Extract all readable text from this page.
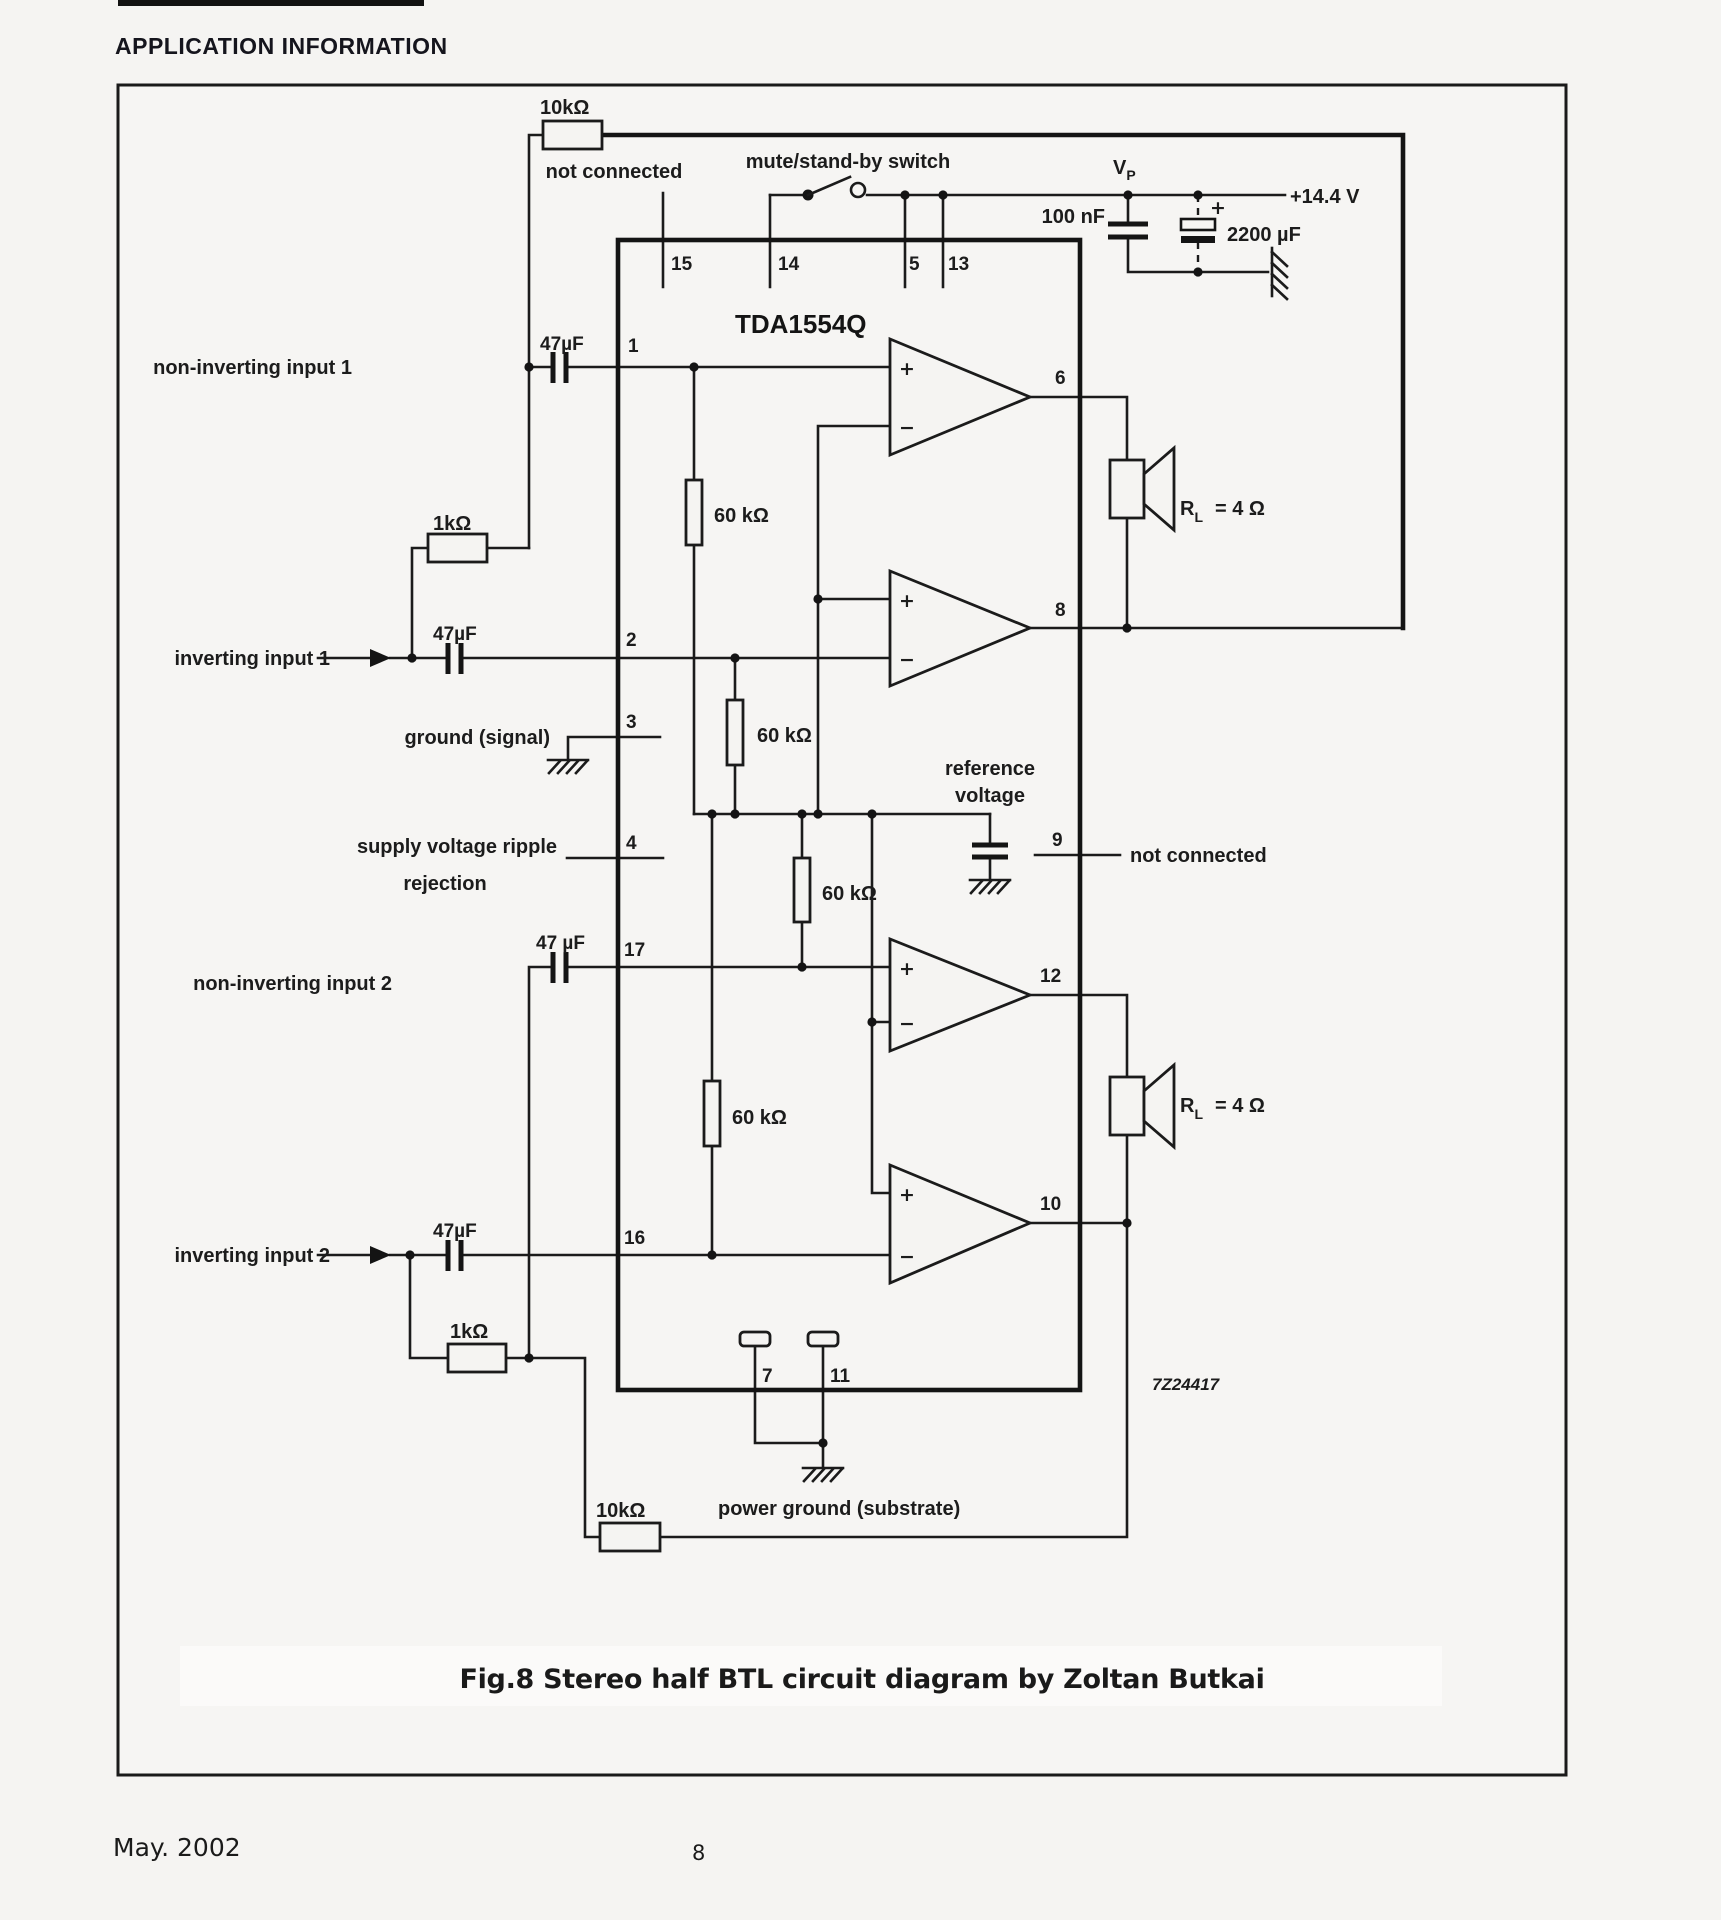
APPLICATION INFORMATION
TDA1554Q
+
−
+
−
+
−
+
−
10kΩ
1kΩ
1kΩ
10kΩ
60 kΩ
60 kΩ
60 kΩ
60 kΩ
47µF
47µF
47 µF
47µF
mute/stand-by switch	$V_P$
+14.4 V
100 nF	+
2200 µF
reference
voltage
$R_L = 4$ Ω
$R_L = 4$ Ω
15	14	5 13
1
2
3
4
17
16
6
8
9
12
10
7	11
not connected
not connected
non-inverting input 1
inverting input 1
ground (signal)
supply voltage ripple
rejection
non-inverting input 2
inverting input 2
power ground (substrate)
7Z24417
Fig.8 Stereo half BTL circuit diagram by Zoltan Butkai
May. 2002	8
